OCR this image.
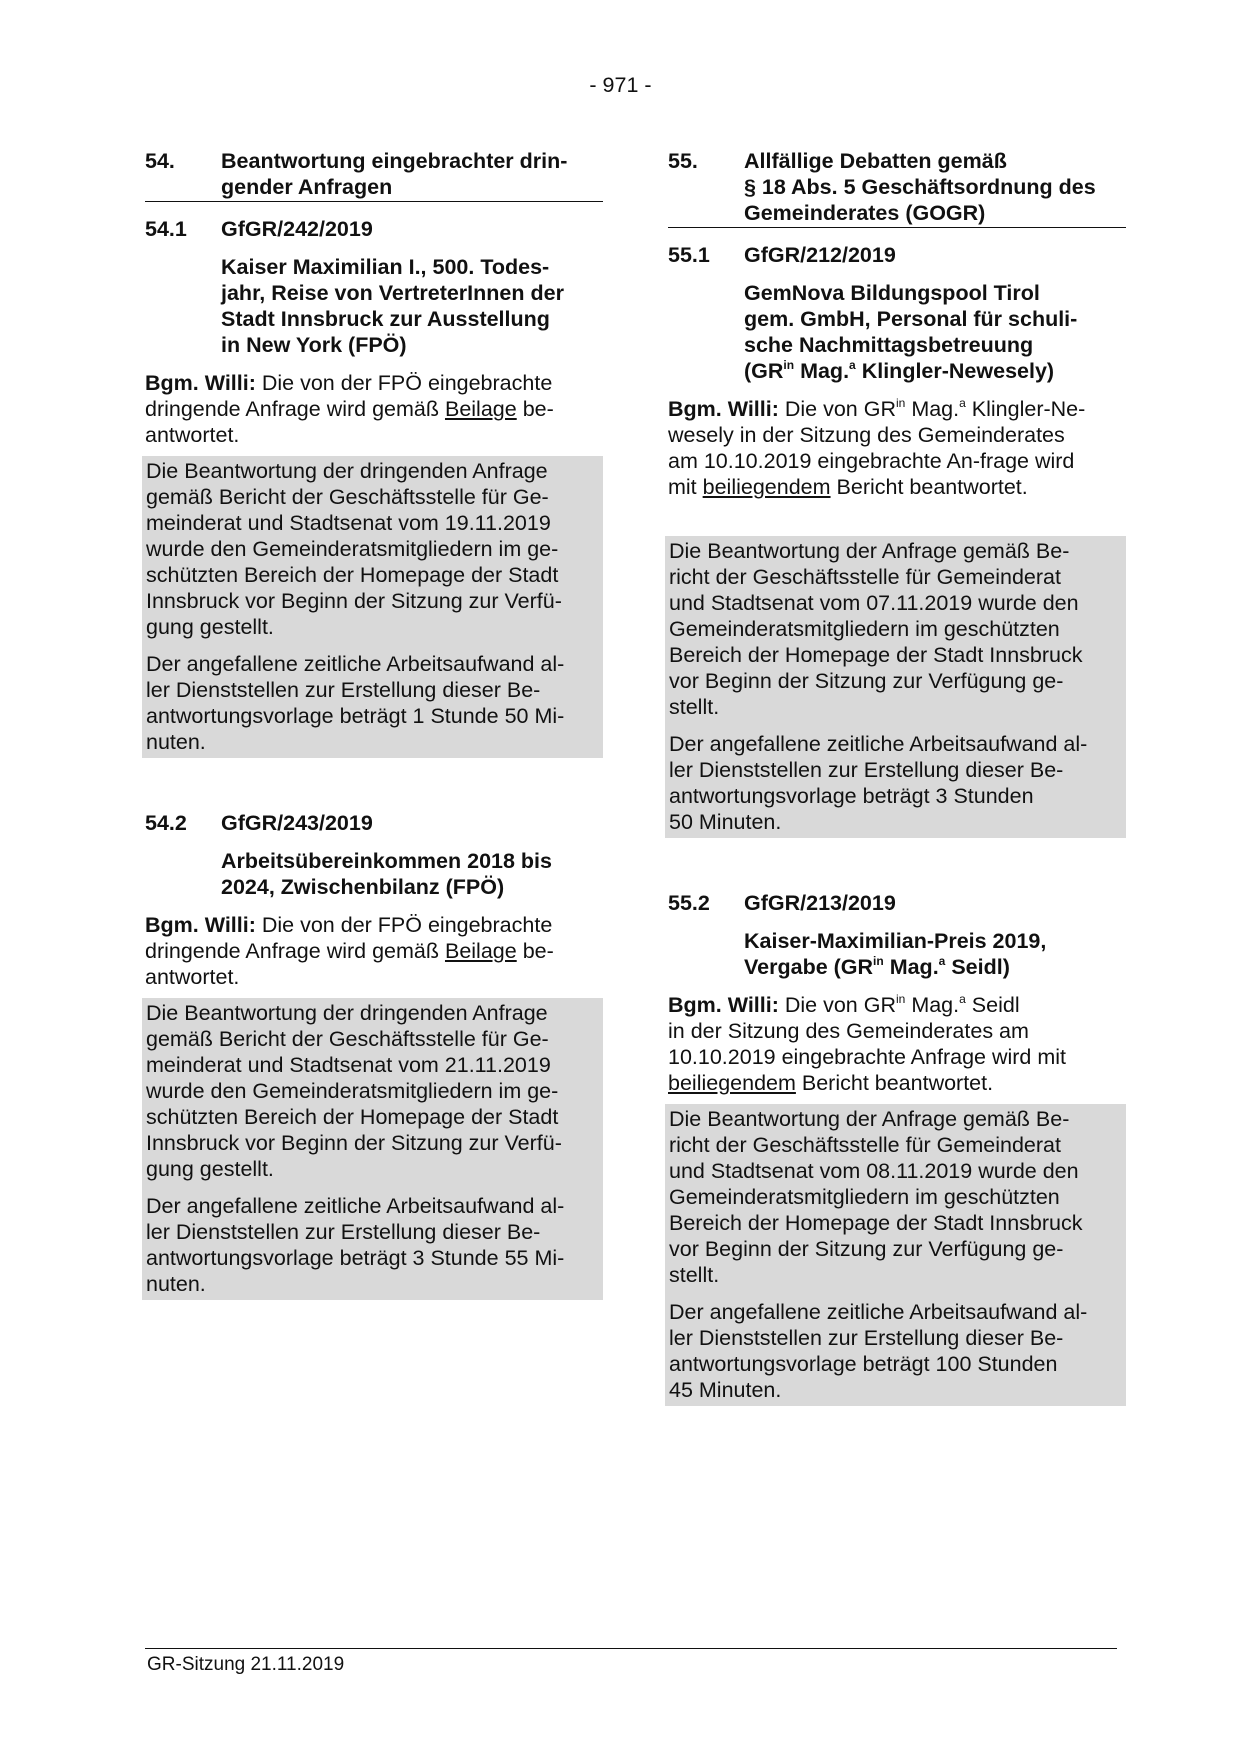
- 971 -
54.	Beantwortung eingebrachter drin-
gender Anfragen
54.1	GfGR/242/2019
Kaiser Maximilian I., 500. Todes-
jahr, Reise von VertreterInnen der
Stadt Innsbruck zur Ausstellung
in New York (FPÖ)
Bgm. Willi: Die von der FPÖ eingebrachte
dringende Anfrage wird gemäß Beilage be-
antwortet.

Die Beantwortung der dringenden Anfrage
gemäß Bericht der Geschäftsstelle für Ge-
meinderat und Stadtsenat vom 19.11.2019
wurde den Gemeinderatsmitgliedern im ge-
schützten Bereich der Homepage der Stadt
Innsbruck vor Beginn der Sitzung zur Verfü-
gung gestellt.

Der angefallene zeitliche Arbeitsaufwand al-
ler Dienststellen zur Erstellung dieser Be-
antwortungsvorlage beträgt 1 Stunde 50 Mi-
nuten.

54.2	GfGR/243/2019
Arbeitsübereinkommen 2018 bis
2024, Zwischenbilanz (FPÖ)
Bgm. Willi: Die von der FPÖ eingebrachte
dringende Anfrage wird gemäß Beilage be-
antwortet.

Die Beantwortung der dringenden Anfrage
gemäß Bericht der Geschäftsstelle für Ge-
meinderat und Stadtsenat vom 21.11.2019
wurde den Gemeinderatsmitgliedern im ge-
schützten Bereich der Homepage der Stadt
Innsbruck vor Beginn der Sitzung zur Verfü-
gung gestellt.

Der angefallene zeitliche Arbeitsaufwand al-
ler Dienststellen zur Erstellung dieser Be-
antwortungsvorlage beträgt 3 Stunde 55 Mi-
nuten.

55.	Allfällige Debatten gemäß
§ 18 Abs. 5 Geschäftsordnung des
Gemeinderates (GOGR)
55.1	GfGR/212/2019
GemNova Bildungspool Tirol
gem. GmbH, Personal für schuli-
sche Nachmittagsbetreuung
($GR^{in}$ Mag.$^a$ Klingler-Newesely)
Bgm. Willi: Die von $GR^{in}$ Mag.$^a$ Klingler-Ne-
wesely in der Sitzung des Gemeinderates
am 10.10.2019 eingebrachte An-frage wird
mit beiliegendem Bericht beantwortet.

Die Beantwortung der Anfrage gemäß Be-
richt der Geschäftsstelle für Gemeinderat
und Stadtsenat vom 07.11.2019 wurde den
Gemeinderatsmitgliedern im geschützten
Bereich der Homepage der Stadt Innsbruck
vor Beginn der Sitzung zur Verfügung ge-
stellt.

Der angefallene zeitliche Arbeitsaufwand al-
ler Dienststellen zur Erstellung dieser Be-
antwortungsvorlage beträgt 3 Stunden
50 Minuten.

55.2	GfGR/213/2019
Kaiser-Maximilian-Preis 2019,
Vergabe ($GR^{in}$ Mag.$^a$ Seidl)
Bgm. Willi: Die von $GR^{in}$ Mag.$^a$ Seidl
in der Sitzung des Gemeinderates am
10.10.2019 eingebrachte Anfrage wird mit
beiliegendem Bericht beantwortet.

Die Beantwortung der Anfrage gemäß Be-
richt der Geschäftsstelle für Gemeinderat
und Stadtsenat vom 08.11.2019 wurde den
Gemeinderatsmitgliedern im geschützten
Bereich der Homepage der Stadt Innsbruck
vor Beginn der Sitzung zur Verfügung ge-
stellt.

Der angefallene zeitliche Arbeitsaufwand al-
ler Dienststellen zur Erstellung dieser Be-
antwortungsvorlage beträgt 100 Stunden
45 Minuten.

GR-Sitzung 21.11.2019
